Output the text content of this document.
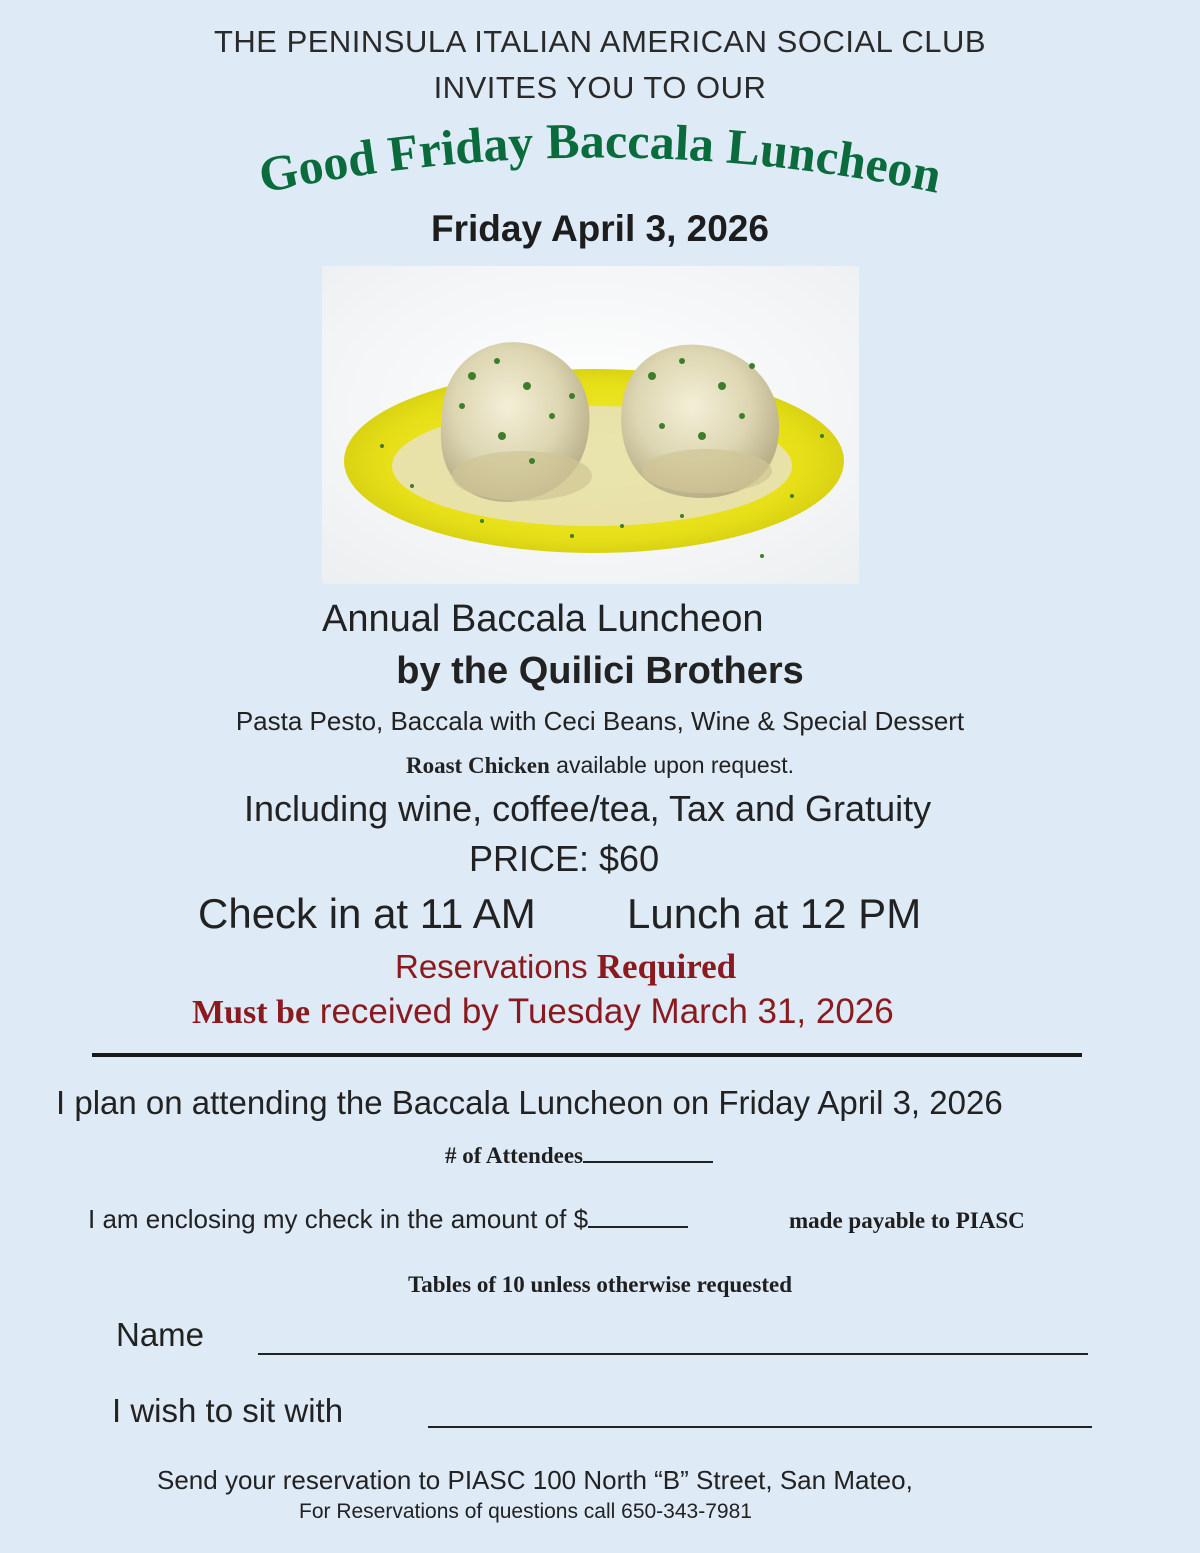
THE PENINSULA ITALIAN AMERICAN SOCIAL CLUB
INVITES YOU TO OUR
Good Friday Baccala Luncheon
Friday April 3, 2026
Annual Baccala Luncheon
by the Quilici Brothers
Pasta Pesto, Baccala with Ceci Beans, Wine & Special Dessert
Roast Chicken available upon request.
Including wine, coffee/tea, Tax and Gratuity
PRICE: $60
Check in at 11 AM Lunch at 12 PM
Reservations Required
Must be received by Tuesday March 31, 2026
I plan on attending the Baccala Luncheon on Friday April 3, 2026
# of Attendees
I am enclosing my check in the amount of $	made payable to PIASC
Tables of 10 unless otherwise requested
Name
I wish to sit with
Send your reservation to PIASC 100 North “B” Street, San Mateo,
For Reservations of questions call 650-343-7981
